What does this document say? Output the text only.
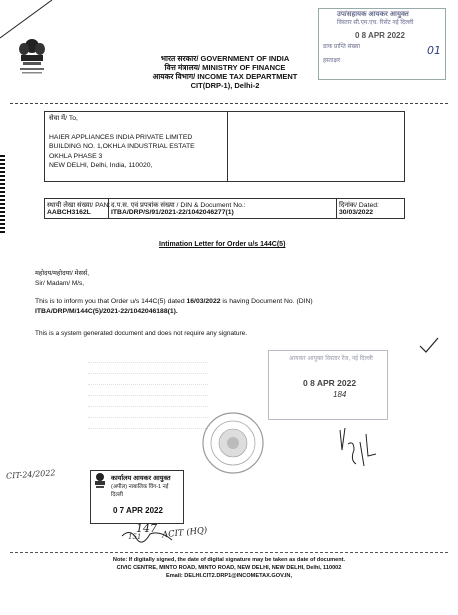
भारत सरकार/ GOVERNMENT OF INDIA
वित्त मंत्रालय/ MINISTRY OF FINANCE
आयकर विभाग/ INCOME TAX DEPARTMENT
CIT(DRP-1), Delhi-2
उप/सहायक आयकर आयुक्त
विस्तार सी.एम.एच. रिसेंट नई दिल्ली
0 8 APR 2022
डाक प्राप्ति संख्या	01
हस्ताक्षर
सेवा में/ To,
HAIER APPLIANCES INDIA PRIVATE LIMITED
BUILDING NO. 1,OKHLA INDUSTRIAL ESTATE
OKHLA PHASE 3
NEW DELHI, Delhi, India, 110020,
स्थायी लेखा संख्या/ PAN:
AABCH3162L
द.प.स. एवं प्रपत्रांक संख्या / DIN & Document No.:
ITBA/DRP/S/91/2021-22/1042046277(1)
दिनांक/ Dated:
30/03/2022
Intimation Letter for Order u/s 144C(5)
महोदय/महोदया/ मेसर्स,
Sir/ Madam/ M/s,
This is to inform you that Order u/s 144C(5) dated 16/03/2022 is having Document No. (DIN)
ITBA/DRP/M/144C(5)/2021-22/1042046188(1).
This is a system generated document and does not require any signature.
आयकर आयुक्त विस्तार रेंज, नई दिल्ली
0 8 APR 2022
184
CIT-24/2022	कार्यालय आयकर आयुक्त
(अपील) नाबालिक विंग-1 नई दिल्ली
0 7 APR 2022
147
151 ACIT (HQ)
Note: If digitally signed, the date of digital signature may be taken as date of document.
CIVIC CENTRE, MINTO ROAD, MINTO ROAD, NEW DELHI, NEW DELHI, Delhi, 110002
Email: DELHI.CIT2.DRP1@INCOMETAX.GOV.IN,
